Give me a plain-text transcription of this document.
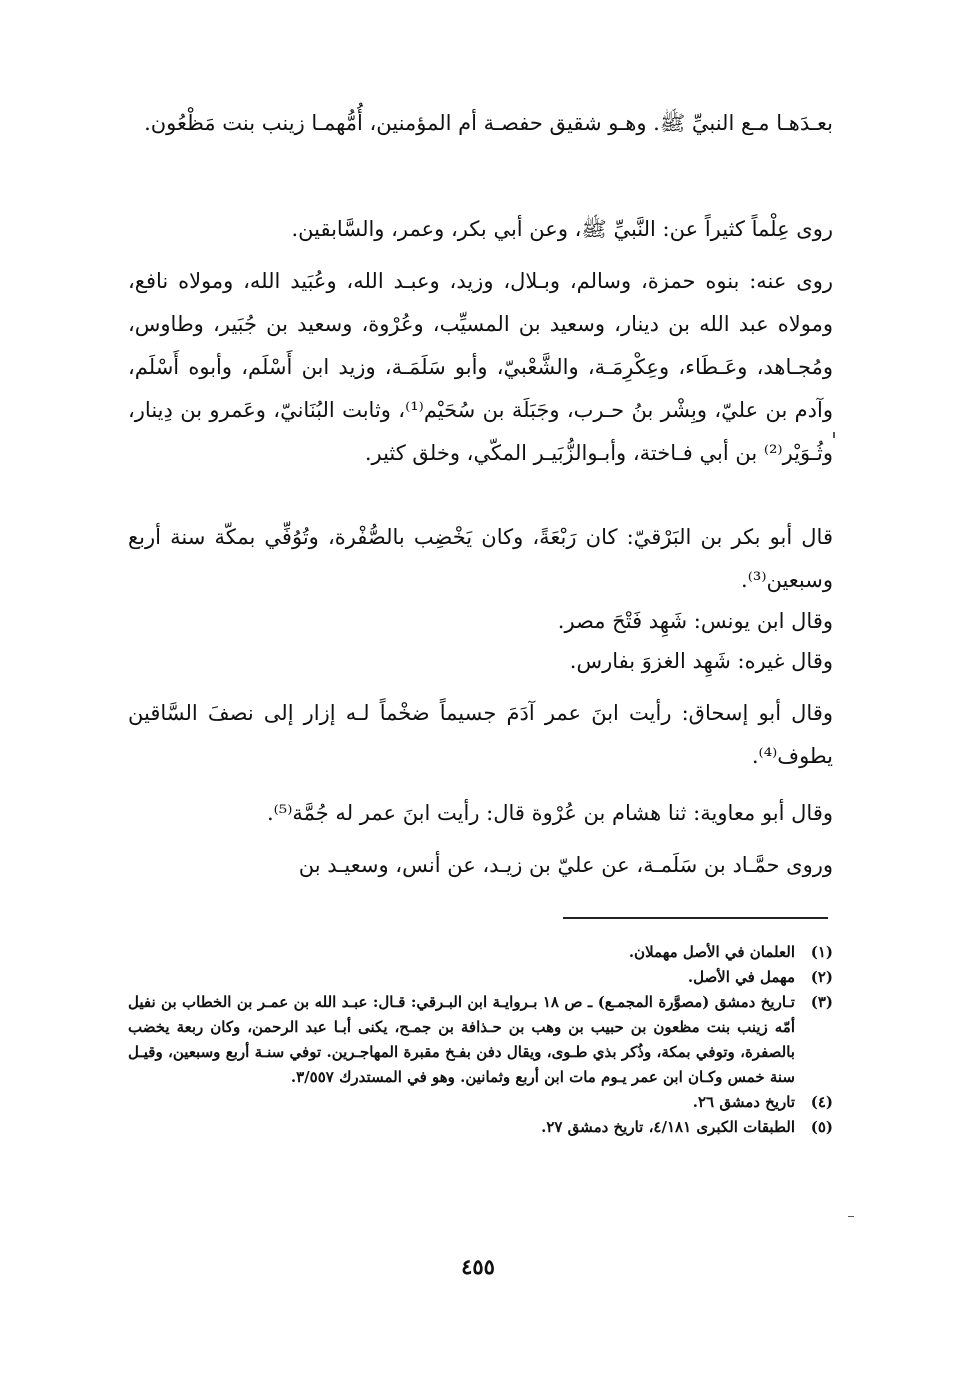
بعـدَهـا مـع النبيِّ ﷺ. وهـو شقيق حفصـة أم المؤمنين، أُمُّهمـا زينب بنت مَظْعُون.

روى عِلْماً كثيراً عن: النَّبيِّ ﷺ، وعن أبي بكر، وعمر، والسَّابقين.

روى عنه: بنوه حمزة، وسالم، وبـلال، وزيد، وعبـد الله، وعُبَيد الله، ومولاه نافع، ومولاه عبد الله بن دينار، وسعيد بن المسيِّب، وعُرْوة، وسعيد بن جُبَير، وطاوس، ومُجـاهد، وعَـطَاء، وعِكْرِمَـة، والشَّعْبيّ، وأبو سَلَمَـة، وزيد ابن أَسْلَم، وأبوه أَسْلَم، وآدم بن عليّ، وبِشْر بنُ حـرب، وجَبَلَة بن سُحَيْم⁽¹⁾، وثابت البُنَانيّ، وعَمرو بن دِينار، وثُـوَيْر⁽²⁾ بن أبي فـاختة، وأبـوالزُّبَيـر المكّي، وخلق كثير.

قال أبو بكر بن البَرْقيّ: كان رَبْعَةً، وكان يَخْضِب بالصُّفْرة، وتُوُفِّي بمكّة سنة أربع وسبعين⁽³⁾.

وقال ابن يونس: شَهِد فَتْحَ مصر.

وقال غيره: شَهِد الغزوَ بفارس.

وقال أبو إسحاق: رأيت ابنَ عمر آدَمَ جسيماً ضخْماً لـه إزار إلى نصفَ السَّاقين يطوف⁽⁴⁾.

وقال أبو معاوية: ثنا هشام بن عُرْوة قال: رأيت ابنَ عمر له جُمَّة⁽⁵⁾.

وروى حمَّـاد بن سَلَمـة، عن عليّ بن زيـد، عن أنس، وسعيـد بن

(١)
العلمان في الأصل مهملان.
(٢)
مهمل في الأصل.
(٣)
تـاريخ دمشق (مصوَّرة المجمـع) ـ ص ١٨ بـروايـة ابن البـرقي: قـال: عبـد الله بن عمـر بن الخطاب بن نفيل أمّه زينب بنت مظعون بن حبيب بن وهب بن حـذافة بن جمـح، يكنى أبـا عبد الرحمن، وكان ربعة يخضب بالصفرة، وتوفي بمكة، وذُكر بذي طـوى، ويقال دفن بفـخ مقبرة المهاجـرين. توفي سنـة أربع وسبعين، وقيـل سنة خمس وكـان ابن عمر يـوم مات ابن أربع وثمانين. وهو في المستدرك ٣/٥٥٧.
(٤)
تاريخ دمشق ٢٦.
(٥)
الطبقات الكبرى ٤/١٨١، تاريخ دمشق ٢٧.
٤٥٥
